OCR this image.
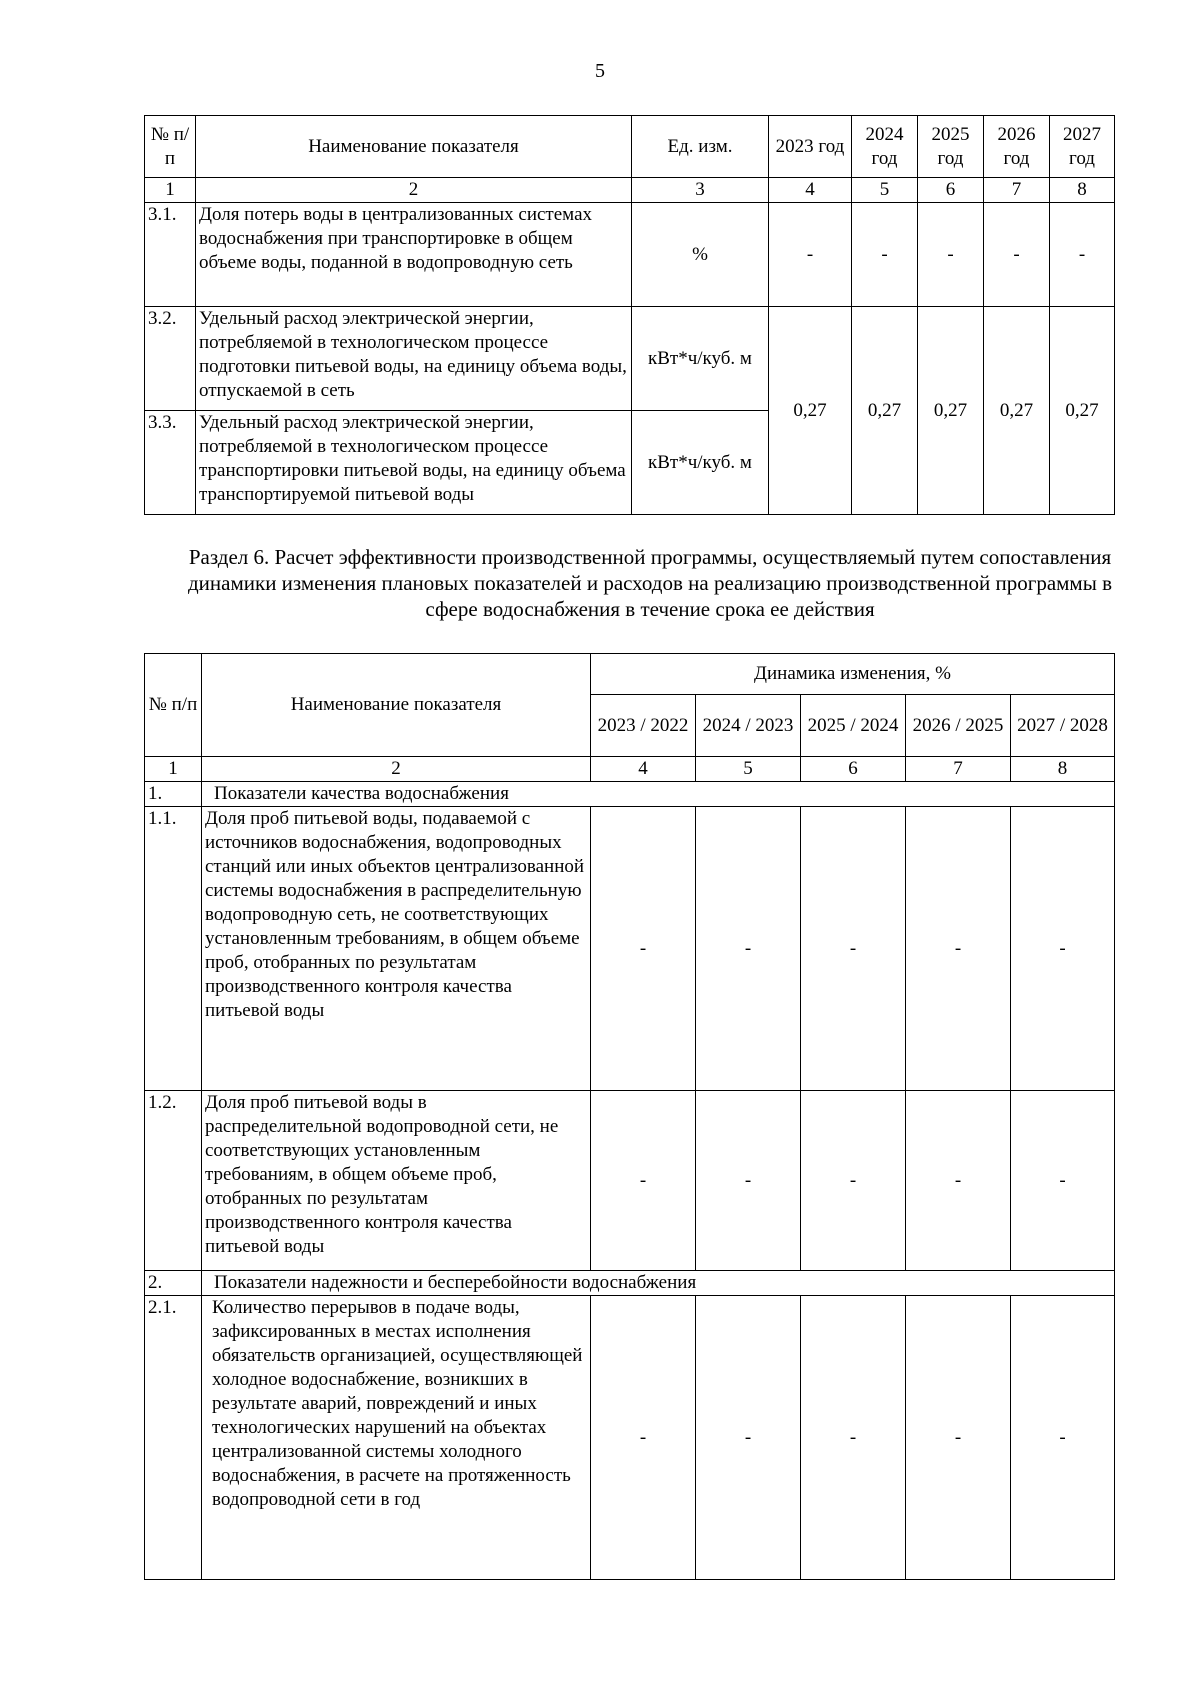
5
№ п/п	Наименование показателя	Ед. изм.	2023 год	2024 год	2025 год	2026 год	2027 год
1	2	3	4	5	6	7	8
3.1.	Доля потерь воды в централизованных системах водоснабжения при транспортировке в общем объеме воды, поданной в водопроводную сеть	%	-	-	-	-	-
3.2.	Удельный расход электрической энергии, потребляемой в технологическом процессе подготовки питьевой воды, на единицу объема воды, отпускаемой в сеть	кВт*ч/куб. м	0,27	0,27	0,27	0,27	0,27
3.3.	Удельный расход электрической энергии, потребляемой в технологическом процессе транспортировки питьевой воды, на единицу объема транспортируемой питьевой воды	кВт*ч/куб. м					
Раздел 6. Расчет эффективности производственной программы, осуществляемый путем сопоставления динамики изменения плановых показателей и расходов на реализацию производственной программы в сфере водоснабжения в течение срока ее действия
№ п/п	Наименование показателя	Динамика изменения, %				
		2023 / 2022	2024 / 2023	2025 / 2024	2026 / 2025	2027 / 2028
1	2	4	5	6	7	8
1.	Показатели качества водоснабжения					
1.1.	Доля проб питьевой воды, подаваемой с источников водоснабжения, водопроводных станций или иных объектов централизованной системы водоснабжения в распределительную водопроводную сеть, не соответствующих установленным требованиям, в общем объеме проб, отобранных по результатам производственного контроля качества питьевой воды	-	-	-	-	-
1.2.	Доля проб питьевой воды в распределительной водопроводной сети, не соответствующих установленным требованиям, в общем объеме проб, отобранных по результатам производственного контроля качества питьевой воды	-	-	-	-	-
2.	Показатели надежности и бесперебойности водоснабжения					
2.1.	Количество перерывов в подаче воды, зафиксированных в местах исполнения обязательств организацией, осуществляющей холодное водоснабжение, возникших в результате аварий, повреждений и иных технологических нарушений на объектах централизованной системы холодного водоснабжения, в расчете на протяженность водопроводной сети в год	-	-	-	-	-
